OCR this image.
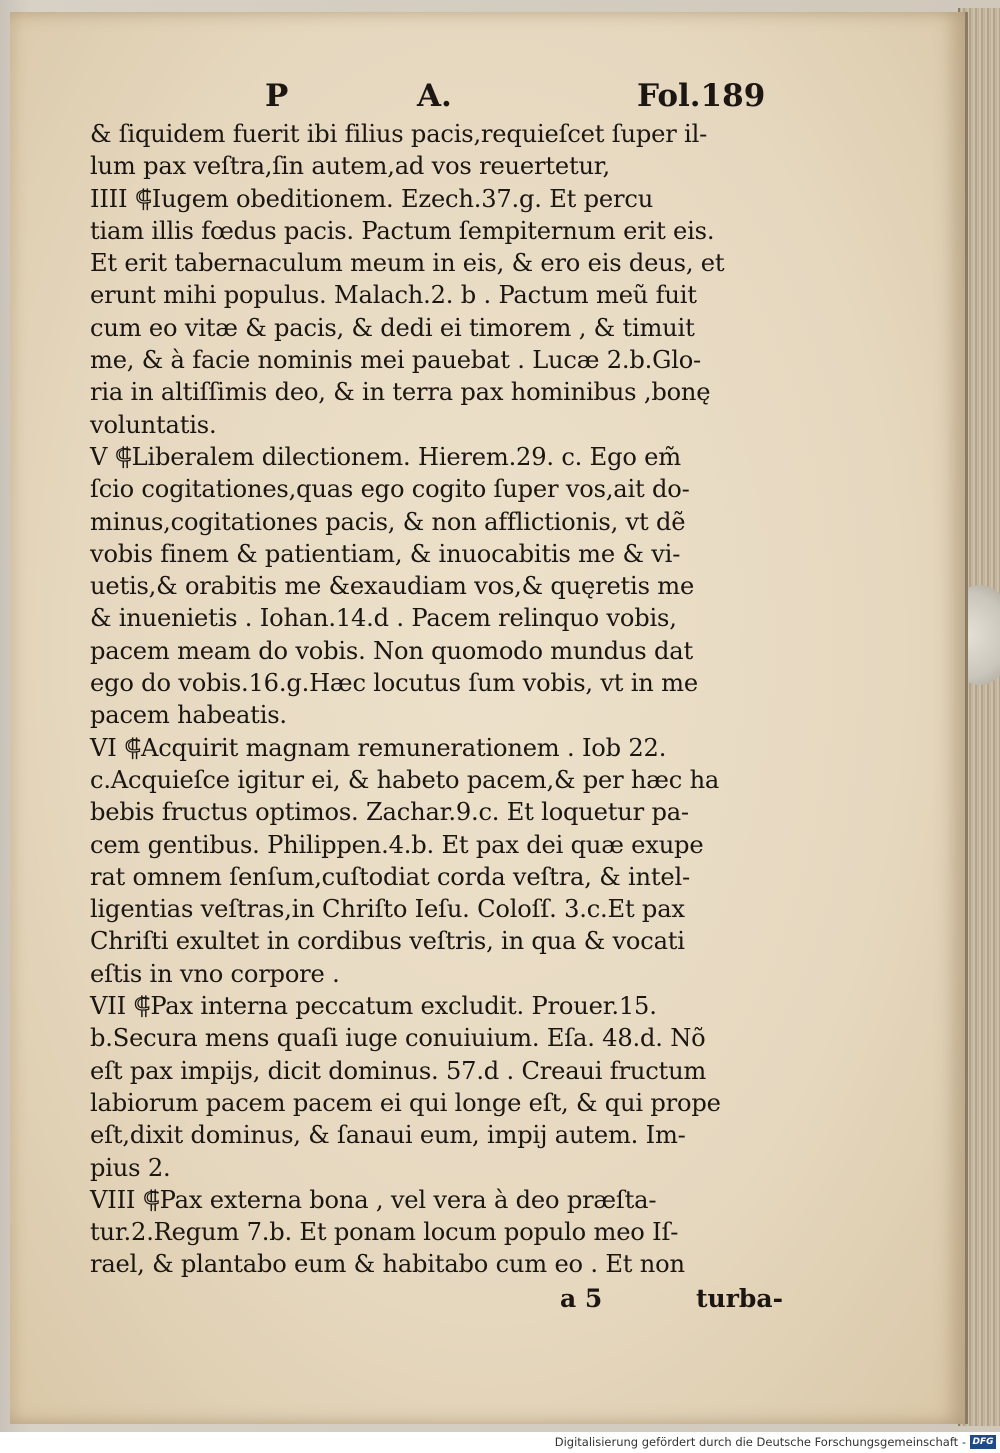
P	A.	Fol.189
& ſiquidem fuerit ibi filius pacis,requieſcet ſuper il-
lum pax veſtra,ſin autem,ad vos reuertetur,
IIII ⸿Iugem obeditionem. Ezech.37.g. Et percu
tiam illis fœdus pacis. Pactum ſempiternum erit eis.
Et erit tabernaculum meum in eis, & ero eis deus, et
erunt mihi populus. Malach.2. b . Pactum meũ fuit
cum eo vitæ & pacis, & dedi ei timorem , & timuit
me, & à facie nominis mei pauebat . Lucæ 2.b.Glo-
ria in altiſſimis deo, & in terra pax hominibus ,bonę
voluntatis.
V ⸿Liberalem dilectionem. Hierem.29. c. Ego em̃
ſcio cogitationes,quas ego cogito ſuper vos,ait do-
minus,cogitationes pacis, & non afflictionis, vt dẽ
vobis finem & patientiam, & inuocabitis me & vi-
uetis,& orabitis me &exaudiam vos,& quęretis me
& inuenietis . Iohan.14.d . Pacem relinquo vobis,
pacem meam do vobis. Non quomodo mundus dat
ego do vobis.16.g.Hæc locutus ſum vobis, vt in me
pacem habeatis.
VI ⸿Acquirit magnam remunerationem . Iob 22.
c.Acquieſce igitur ei, & habeto pacem,& per hæc ha
bebis fructus optimos. Zachar.9.c. Et loquetur pa-
cem gentibus. Philippen.4.b. Et pax dei quæ exupe
rat omnem ſenſum,cuſtodiat corda veſtra, & intel-
ligentias veſtras,in Chriſto Ieſu. Coloſſ. 3.c.Et pax
Chriſti exultet in cordibus veſtris, in qua & vocati
eſtis in vno corpore .
VII ⸿Pax interna peccatum excludit. Prouer.15.
b.Secura mens quaſi iuge conuiuium. Eſa. 48.d. Nõ
eſt pax impijs, dicit dominus. 57.d . Creaui fructum
labiorum pacem pacem ei qui longe eſt, & qui prope
eſt,dixit dominus, & ſanaui eum, impij autem. Im-
pius 2.
VIII ⸿Pax externa bona , vel vera à deo præſta-
tur.2.Regum 7.b. Et ponam locum populo meo Iſ-
rael, & plantabo eum & habitabo cum eo . Et non
a 5	turba-
Digitalisierung gefördert durch die Deutsche Forschungsgemeinschaft - DFG
